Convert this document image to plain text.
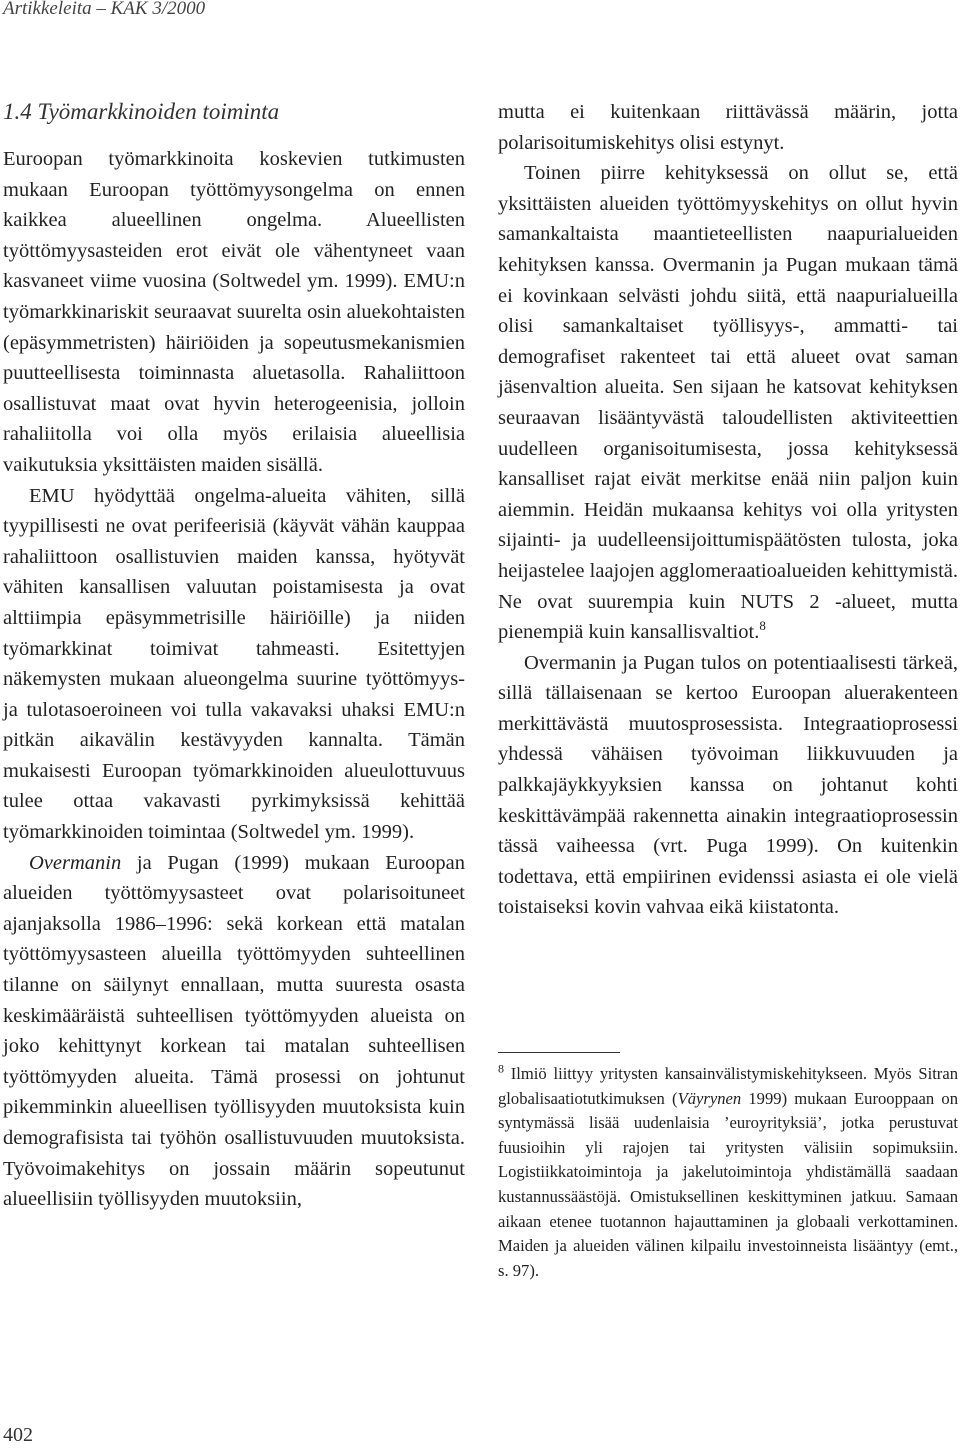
Artikkeleita – KAK 3/2000
1.4 Työmarkkinoiden toiminta

Euroopan työmarkkinoita koskevien tutkimusten mukaan Euroopan työttömyysongelma on ennen kaikkea alueellinen ongelma. Alueellisten työttömyysasteiden erot eivät ole vähentyneet vaan kasvaneet viime vuosina (Soltwedel ym. 1999). EMU:n työmarkkinariskit seuraavat suurelta osin aluekohtaisten (epäsymmetristen) häiriöiden ja sopeutusmekanismien puutteellisesta toiminnasta aluetasolla. Rahaliittoon osallistuvat maat ovat hyvin heterogeenisia, jolloin rahaliitolla voi olla myös erilaisia alueellisia vaikutuksia yksittäisten maiden sisällä.

EMU hyödyttää ongelma-alueita vähiten, sillä tyypillisesti ne ovat perifeerisiä (käyvät vähän kauppaa rahaliittoon osallistuvien maiden kanssa, hyötyvät vähiten kansallisen valuutan poistamisesta ja ovat alttiimpia epäsymmetrisille häiriöille) ja niiden työmarkkinat toimivat tahmeasti. Esitettyjen näkemysten mukaan alueongelma suurine työttömyys- ja tulotasoeroineen voi tulla vakavaksi uhaksi EMU:n pitkän aikavälin kestävyyden kannalta. Tämän mukaisesti Euroopan työmarkkinoiden alueulottuvuus tulee ottaa vakavasti pyrkimyksissä kehittää työmarkkinoiden toimintaa (Soltwedel ym. 1999).

Overmanin ja Pugan (1999) mukaan Euroopan alueiden työttömyysasteet ovat polarisoituneet ajanjaksolla 1986–1996: sekä korkean että matalan työttömyysasteen alueilla työttömyyden suhteellinen tilanne on säilynyt ennallaan, mutta suuresta osasta keskimääräistä suhteellisen työttömyyden alueista on joko kehittynyt korkean tai matalan suhteellisen työttömyyden alueita. Tämä prosessi on johtunut pikemminkin alueellisen työllisyyden muutoksista kuin demografisista tai työhön osallistuvuuden muutoksista. Työvoimakehitys on jossain määrin sopeutunut alueellisiin työllisyyden muutoksiin,

mutta ei kuitenkaan riittävässä määrin, jotta polarisoitumiskehitys olisi estynyt.

Toinen piirre kehityksessä on ollut se, että yksittäisten alueiden työttömyyskehitys on ollut hyvin samankaltaista maantieteellisten naapurialueiden kehityksen kanssa. Overmanin ja Pugan mukaan tämä ei kovinkaan selvästi johdu siitä, että naapurialueilla olisi samankaltaiset työllisyys-, ammatti- tai demografiset rakenteet tai että alueet ovat saman jäsenvaltion alueita. Sen sijaan he katsovat kehityksen seuraavan lisääntyvästä taloudellisten aktiviteettien uudelleen organisoitumisesta, jossa kehityksessä kansalliset rajat eivät merkitse enää niin paljon kuin aiemmin. Heidän mukaansa kehitys voi olla yritysten sijainti- ja uudelleensijoittumispäätösten tulosta, joka heijastelee laajojen agglomeraatioalueiden kehittymistä. Ne ovat suurempia kuin NUTS 2 -alueet, mutta pienempiä kuin kansallisvaltiot.$^8$

Overmanin ja Pugan tulos on potentiaalisesti tärkeä, sillä tällaisenaan se kertoo Euroopan aluerakenteen merkittävästä muutosprosessista. Integraatioprosessi yhdessä vähäisen työvoiman liikkuvuuden ja palkkajäykkyyksien kanssa on johtanut kohti keskittävämpää rakennetta ainakin integraatioprosessin tässä vaiheessa (vrt. Puga 1999). On kuitenkin todettava, että empiirinen evidenssi asiasta ei ole vielä toistaiseksi kovin vahvaa eikä kiistatonta.

$^8$ Ilmiö liittyy yritysten kansainvälistymiskehitykseen. Myös Sitran globalisaatiotutkimuksen (Väyrynen 1999) mukaan Eurooppaan on syntymässä lisää uudenlaisia ’euroyrityksiä’, jotka perustuvat fuusioihin yli rajojen tai yritysten välisiin sopimuksiin. Logistiikkatoimintoja ja jakelutoimintoja yhdistämällä saadaan kustannussäästöjä. Omistuksellinen keskittyminen jatkuu. Samaan aikaan etenee tuotannon hajauttaminen ja globaali verkottaminen. Maiden ja alueiden välinen kilpailu investoinneista lisääntyy (emt., s. 97).
402
